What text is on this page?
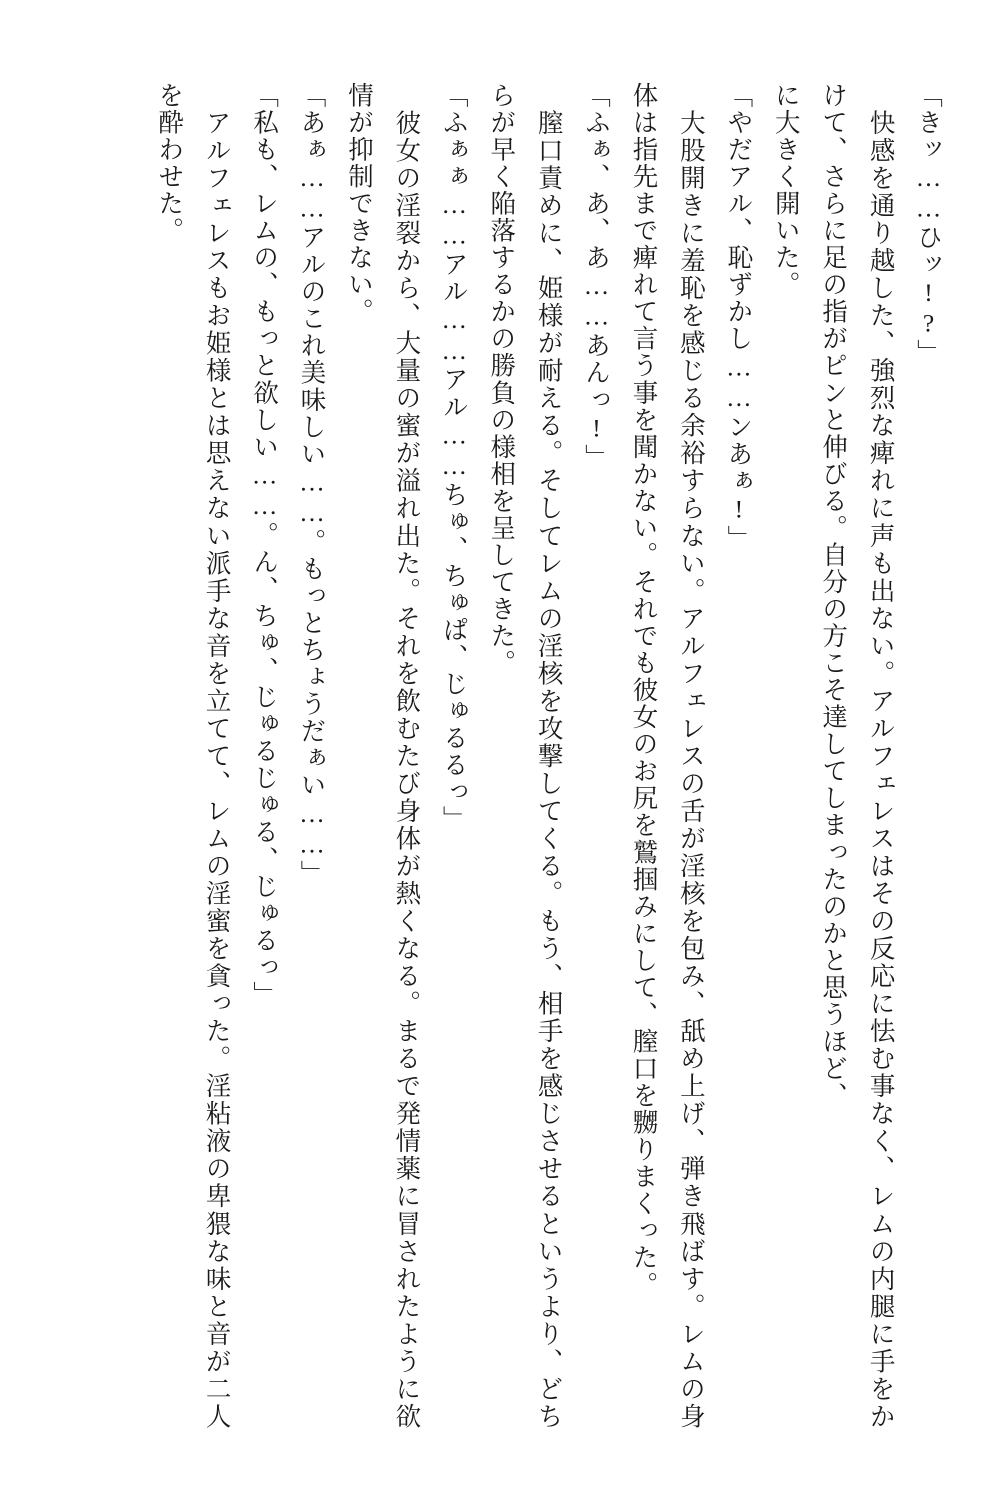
「きッ……ひッ!?」

　快感を通り越した、強烈な痺れに声も出ない。アルフェレスはその反応に怯む事なく、レムの内腿に手をかけて、さらに足の指がピンと伸びる。自分の方こそ達してしまったのかと思うほど、

に大きく開いた。

「やだアル、恥ずかし……ンあぁ!」

　大股開きに羞恥を感じる余裕すらない。アルフェレスの舌が淫核を包み、舐め上げ、弾き飛ばす。レムの身体は指先まで痺れて言う事を聞かない。それでも彼女のお尻を鷲掴みにして、膣口を嬲りまくった。

「ふぁ、あ、あ……あんっ!」

　膣口責めに、姫様が耐える。そしてレムの淫核を攻撃してくる。もう、相手を感じさせるというより、どちらが早く陥落するかの勝負の様相を呈してきた。

「ふぁぁ……アル……アル……ちゅ、ちゅぱ、じゅるるっ」

　彼女の淫裂から、大量の蜜が溢れ出た。それを飲むたび身体が熱くなる。まるで発情薬に冒されたように欲情が抑制できない。

「あぁ……アルのこれ美味しい……。もっとちょうだぁい……」

「私も、レムの、もっと欲しい……。ん、ちゅ、じゅるじゅる、じゅるっ」

　アルフェレスもお姫様とは思えない派手な音を立てて、レムの淫蜜を貪った。淫粘液の卑猥な味と音が二人を酔わせた。
